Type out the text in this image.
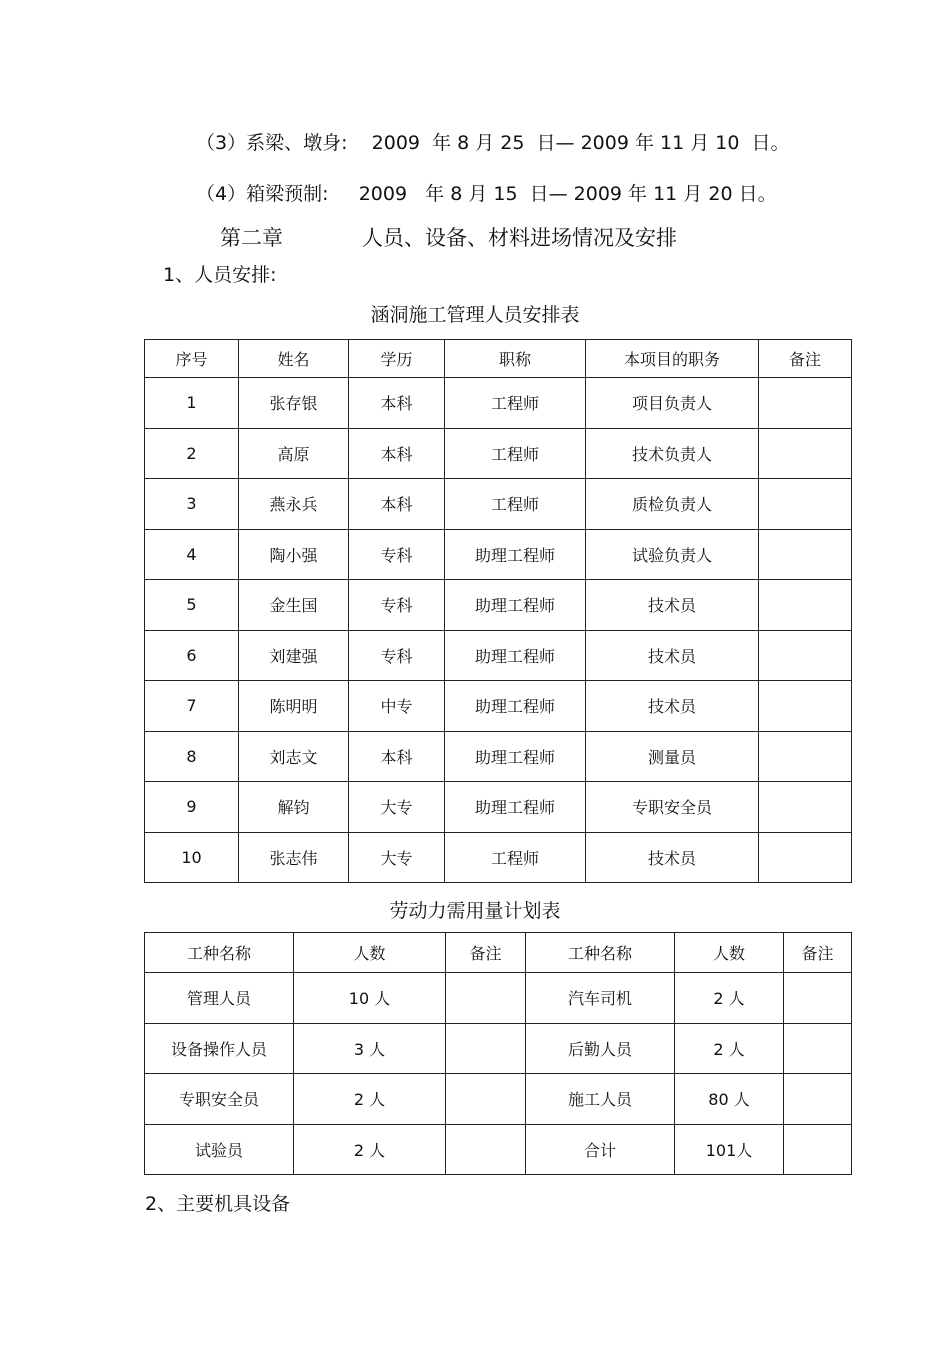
（3）系梁、墩身:    2009  年 8 月 25  日— 2009 年 11 月 10  日。
（4）箱梁预制:     2009   年 8 月 15  日— 2009 年 11 月 20 日。
第二章	人员、设备、材料进场情况及安排
1、人员安排:
涵洞施工管理人员安排表
序号	姓名	学历	职称	本项目的职务	备注
1	张存银	本科	工程师	项目负责人	
2	高原	本科	工程师	技术负责人	
3	燕永兵	本科	工程师	质检负责人	
4	陶小强	专科	助理工程师	试验负责人	
5	金生国	专科	助理工程师	技术员	
6	刘建强	专科	助理工程师	技术员	
7	陈明明	中专	助理工程师	技术员	
8	刘志文	本科	助理工程师	测量员	
9	解钧	大专	助理工程师	专职安全员	
10	张志伟	大专	工程师	技术员	
劳动力需用量计划表
工种名称	人数	备注	工种名称	人数	备注
管理人员	10 人		汽车司机	2 人	
设备操作人员	3 人		后勤人员	2 人	
专职安全员	2 人		施工人员	80 人	
试验员	2 人		合计	101人	
2、主要机具设备
